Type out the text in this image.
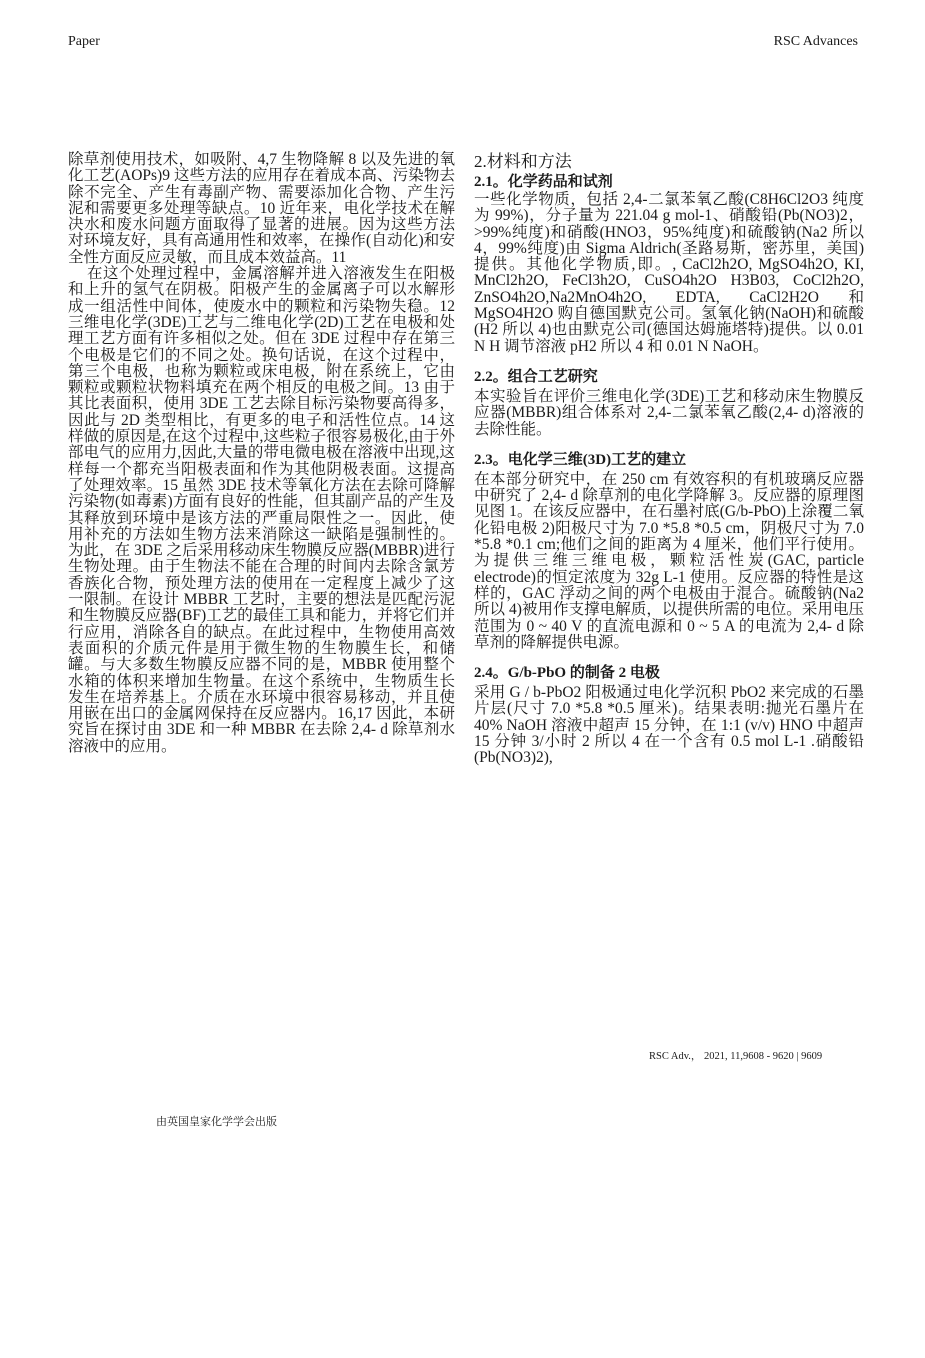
Paper	RSC Advances

除草剂使用技术，如吸附、4,7 生物降解 8 以及先进的氧化工艺(AOPs)9 这些方法的应用存在着成本高、污染物去除不完全、产生有毒副产物、需要添加化合物、产生污泥和需要更多处理等缺点。10 近年来，电化学技术在解决水和废水问题方面取得了显著的进展。因为这些方法对环境友好，具有高通用性和效率，在操作(自动化)和安全性方面反应灵敏，而且成本效益高。11

在这个处理过程中，金属溶解并进入溶液发生在阳极和上升的氢气在阴极。阳极产生的金属离子可以水解形成一组活性中间体，使废水中的颗粒和污染物失稳。12 三维电化学(3DE)工艺与二维电化学(2D)工艺在电极和处理工艺方面有许多相似之处。但在 3DE 过程中存在第三个电极是它们的不同之处。换句话说，在这个过程中，第三个电极，也称为颗粒或床电极，附在系统上，它由颗粒或颗粒状物料填充在两个相反的电极之间。13 由于其比表面积，使用 3DE 工艺去除目标污染物要高得多，因此与 2D 类型相比，有更多的电子和活性位点。14 这样做的原因是,在这个过程中,这些粒子很容易极化,由于外部电气的应用力,因此,大量的带电微电极在溶液中出现,这样每一个都充当阳极表面和作为其他阴极表面。这提高了处理效率。15 虽然 3DE 技术等氧化方法在去除可降解污染物(如毒素)方面有良好的性能，但其副产品的产生及其释放到环境中是该方法的严重局限性之一。因此，使用补充的方法如生物方法来消除这一缺陷是强制性的。为此，在 3DE 之后采用移动床生物膜反应器(MBBR)进行生物处理。由于生物法不能在合理的时间内去除含氯芳香族化合物，预处理方法的使用在一定程度上减少了这一限制。在设计 MBBR 工艺时，主要的想法是匹配污泥和生物膜反应器(BF)工艺的最佳工具和能力，并将它们并行应用，消除各自的缺点。在此过程中，生物使用高效表面积的介质元件是用于微生物的生物膜生长，和储罐。与大多数生物膜反应器不同的是，MBBR 使用整个水箱的体积来增加生物量。在这个系统中，生物质生长发生在培养基上。介质在水环境中很容易移动，并且使用嵌在出口的金属网保持在反应器内。16,17 因此，本研究旨在探讨由 3DE 和一种 MBBR 在去除 2,4- d 除草剂水溶液中的应用。

2.材料和方法
2.1。化学药品和试剂

一些化学物质，包括 2,4-二氯苯氧乙酸(C8H6Cl2O3 纯度为 99%)，分子量为 221.04 g mol-1、硝酸铅(Pb(NO3)2，>99%纯度)和硝酸(HNO3，95%纯度)和硫酸钠(Na2 所以 4，99%纯度)由 Sigma Aldrich(圣路易斯，密苏里，美国)提供。其他化学物质,即。, CaCl2h2O, MgSO4h2O, KI, MnCl2h2O, FeCl3h2O, CuSO4h2O H3B03, CoCl2h2O, ZnSO4h2O,Na2MnO4h2O, EDTA, CaCl2H2O 和 MgSO4H2O 购自德国默克公司。氢氧化钠(NaOH)和硫酸(H2 所以 4)也由默克公司(德国达姆施塔特)提供。以 0.01 N H 调节溶液 pH2 所以 4 和 0.01 N NaOH。

2.2。组合工艺研究

本实验旨在评价三维电化学(3DE)工艺和移动床生物膜反应器(MBBR)组合体系对 2,4-二氯苯氧乙酸(2,4- d)溶液的去除性能。

2.3。电化学三维(3D)工艺的建立

在本部分研究中，在 250 cm 有效容积的有机玻璃反应器中研究了 2,4- d 除草剂的电化学降解 3。反应器的原理图见图 1。在该反应器中，在石墨衬底(G/b-PbO)上涂覆二氧化铅电极 2)阳极尺寸为 7.0 *5.8 *0.5 cm，阴极尺寸为 7.0 *5.8 *0.1 cm;他们之间的距离为 4 厘米，他们平行使用。为提供三维三维电极，颗粒活性炭(GAC, particle electrode)的恒定浓度为 32g L-1 使用。反应器的特性是这样的，GAC 浮动之间的两个电极由于混合。硫酸钠(Na2 所以 4)被用作支撑电解质，以提供所需的电位。采用电压范围为 0 ~ 40 V 的直流电源和 0 ~ 5 A 的电流为 2,4- d 除草剂的降解提供电源。

2.4。G/b-PbO 的制备 2 电极

采用 G / b-PbO2 阳极通过电化学沉积 PbO2 来完成的石墨片层(尺寸 7.0 *5.8 *0.5 厘米)。结果表明:抛光石墨片在 40% NaOH 溶液中超声 15 分钟，在 1:1 (v/v) HNO 中超声 15 分钟 3/小时 2 所以 4 在一个含有 0.5 mol L-1 .硝酸铅(Pb(NO3)2),

RSC Adv.， 2021, 11,9608 - 9620 | 9609
由英国皇家化学学会出版
